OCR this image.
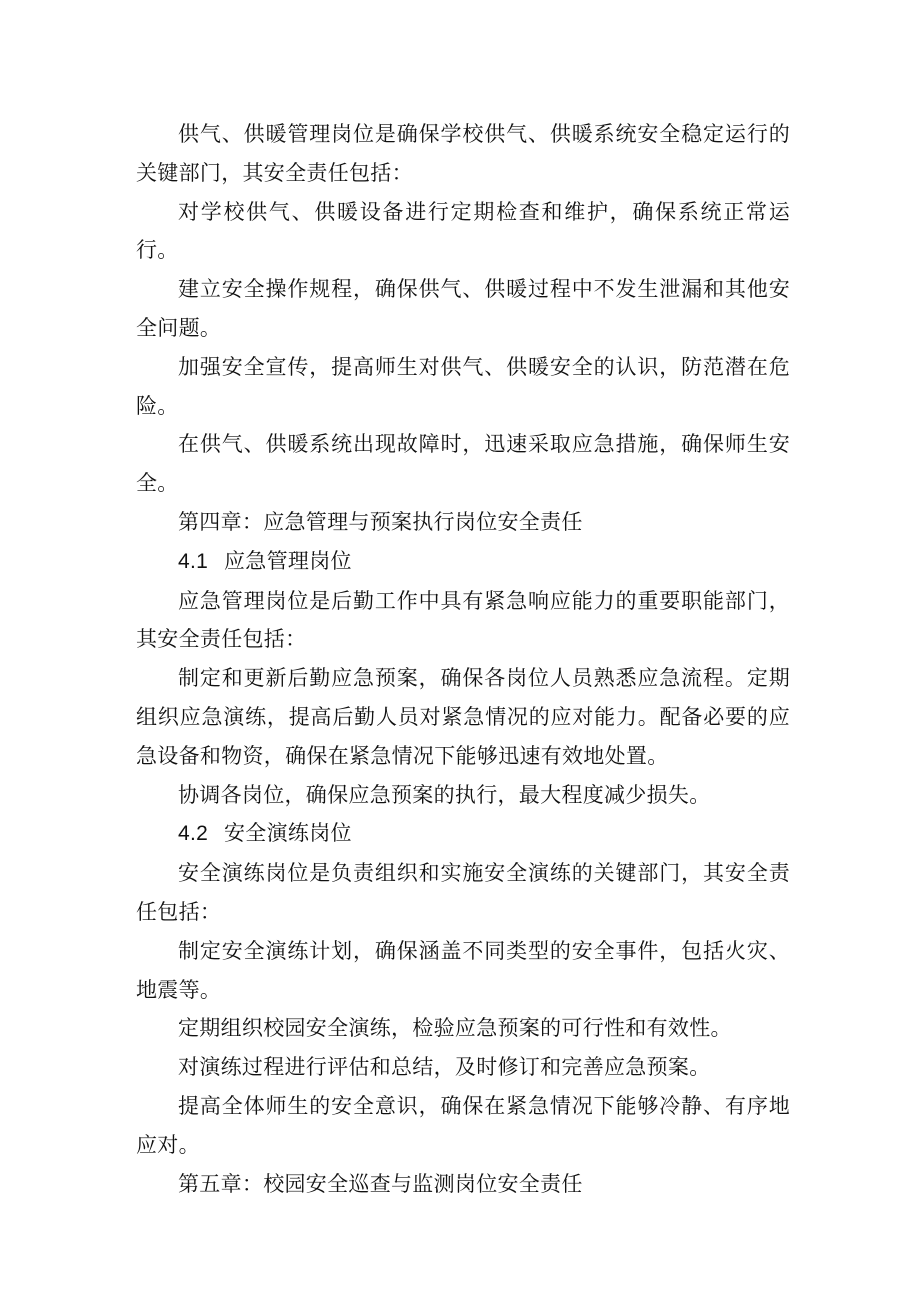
供气、供暖管理岗位是确保学校供气、供暖系统安全稳定运行的关键部门，其安全责任包括：

对学校供气、供暖设备进行定期检查和维护，确保系统正常运行。

建立安全操作规程，确保供气、供暖过程中不发生泄漏和其他安全问题。

加强安全宣传，提高师生对供气、供暖安全的认识，防范潜在危险。

在供气、供暖系统出现故障时，迅速采取应急措施，确保师生安全。

第四章：应急管理与预案执行岗位安全责任

4.1 应急管理岗位

应急管理岗位是后勤工作中具有紧急响应能力的重要职能部门，其安全责任包括：

制定和更新后勤应急预案，确保各岗位人员熟悉应急流程。定期组织应急演练，提高后勤人员对紧急情况的应对能力。配备必要的应急设备和物资，确保在紧急情况下能够迅速有效地处置。

协调各岗位，确保应急预案的执行，最大程度减少损失。

4.2 安全演练岗位

安全演练岗位是负责组织和实施安全演练的关键部门，其安全责任包括：

制定安全演练计划，确保涵盖不同类型的安全事件，包括火灾、地震等。

定期组织校园安全演练，检验应急预案的可行性和有效性。

对演练过程进行评估和总结，及时修订和完善应急预案。

提高全体师生的安全意识，确保在紧急情况下能够冷静、有序地应对。

第五章：校园安全巡查与监测岗位安全责任
